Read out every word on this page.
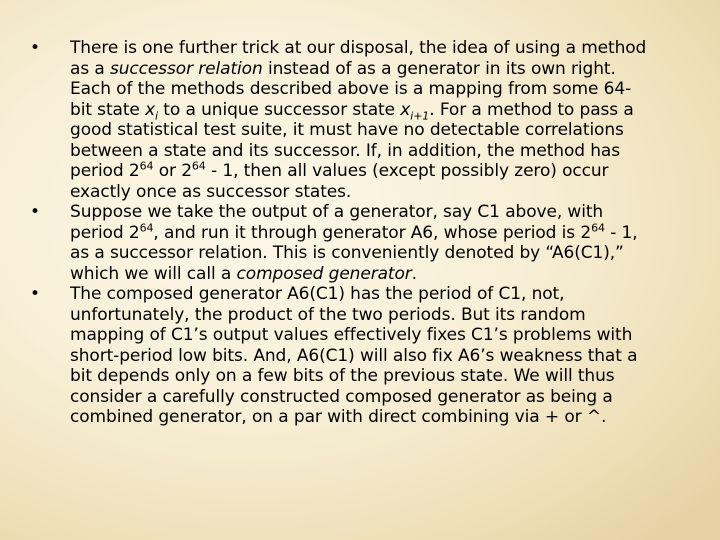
•	There is one further trick at our disposal, the idea of using a method
as a successor relation instead of as a generator in its own right.
Each of the methods described above is a mapping from some 64-
bit state $x_i$ to a unique successor state $x_{i+1}$. For a method to pass a
good statistical test suite, it must have no detectable correlations
between a state and its successor. If, in addition, the method has
period $2^{64}$ or $2^{64} - 1$, then all values (except possibly zero) occur
exactly once as successor states.
•	Suppose we take the output of a generator, say C1 above, with
period $2^{64}$, and run it through generator A6, whose period is $2^{64} - 1$,
as a successor relation. This is conveniently denoted by “A6(C1),”
which we will call a composed generator.
•	The composed generator A6(C1) has the period of C1, not,
unfortunately, the product of the two periods. But its random
mapping of C1’s output values effectively fixes C1’s problems with
short-period low bits. And, A6(C1) will also fix A6’s weakness that a
bit depends only on a few bits of the previous state. We will thus
consider a carefully constructed composed generator as being a
combined generator, on a par with direct combining via + or ^.
